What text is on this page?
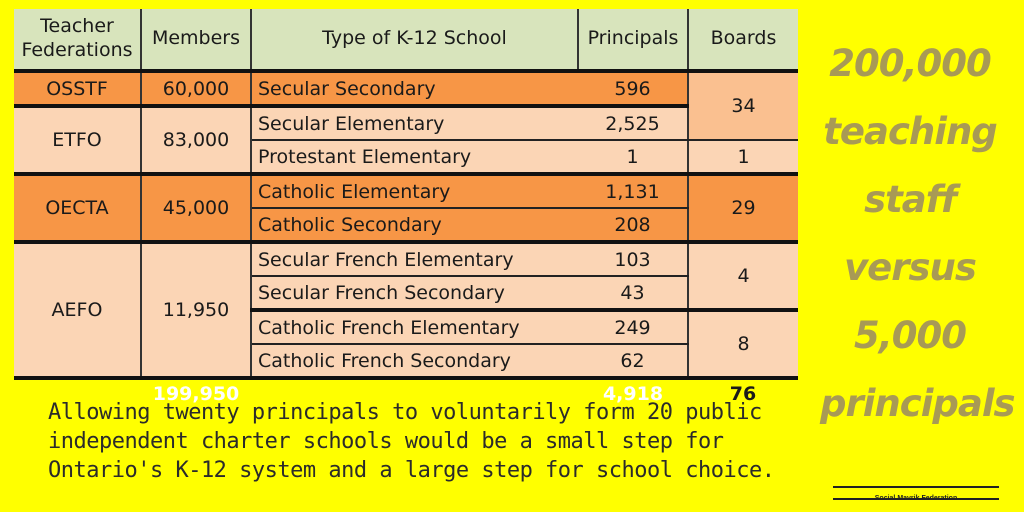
Teacher
Federations	Members	Type of K-12 School	Principals	Boards
OSSTF	60,000	Secular Secondary	596	34
ETFO	83,000	Secular Elementary	2,525	
		Protestant Elementary	1	1
OECTA	45,000	Catholic Elementary	1,131	29
		Catholic Secondary	208	
AEFO	11,950	Secular French Elementary	103	4
		Secular French Secondary	43	
		Catholic French Elementary	249	8
		Catholic French Secondary	62	
	199,950		4,918	76
200,000
teaching
staff
versus
5,000
principals
Allowing twenty principals to voluntarily form 20 public
independent charter schools would be a small step for
Ontario's K-12 system and a large step for school choice.
Social Mavrik Federation
